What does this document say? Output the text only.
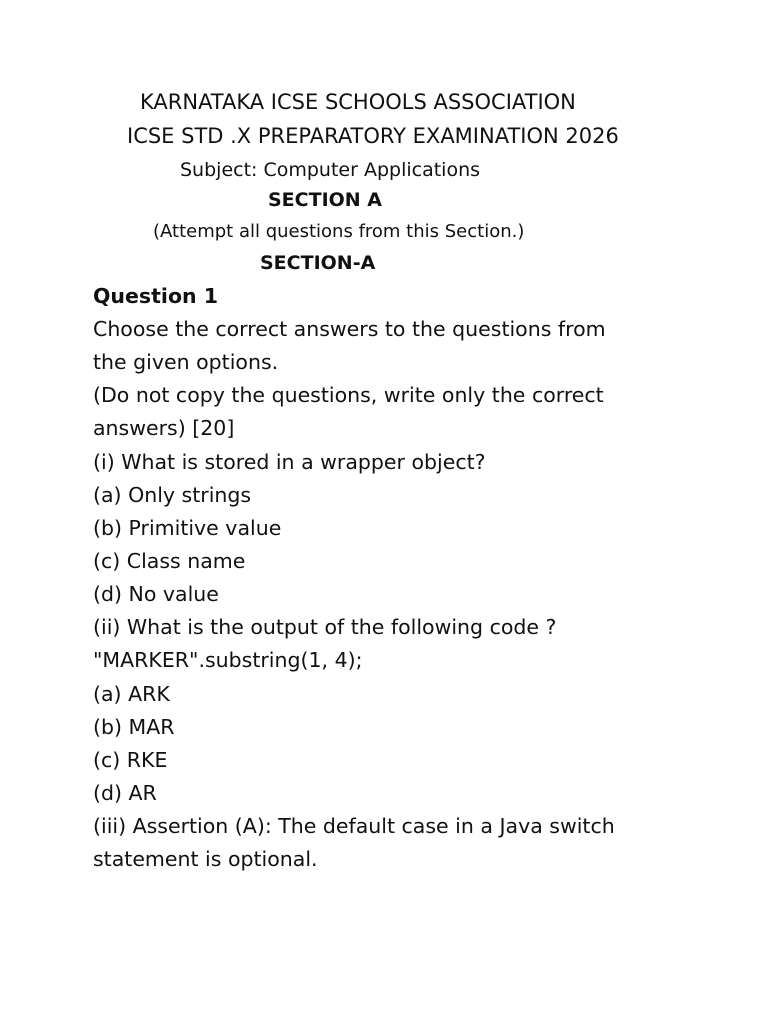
KARNATAKA ICSE SCHOOLS ASSOCIATION
ICSE STD .X PREPARATORY EXAMINATION 2026
Subject: Computer Applications
SECTION A
(Attempt all questions from this Section.)
SECTION-A
Question 1
Choose the correct answers to the questions from
the given options.
(Do not copy the questions, write only the correct
answers) [20]
(i) What is stored in a wrapper object?
(a) Only strings
(b) Primitive value
(c) Class name
(d) No value
(ii) What is the output of the following code ?
"MARKER".substring(1, 4);
(a) ARK
(b) MAR
(c) RKE
(d) AR
(iii) Assertion (A): The default case in a Java switch
statement is optional.
